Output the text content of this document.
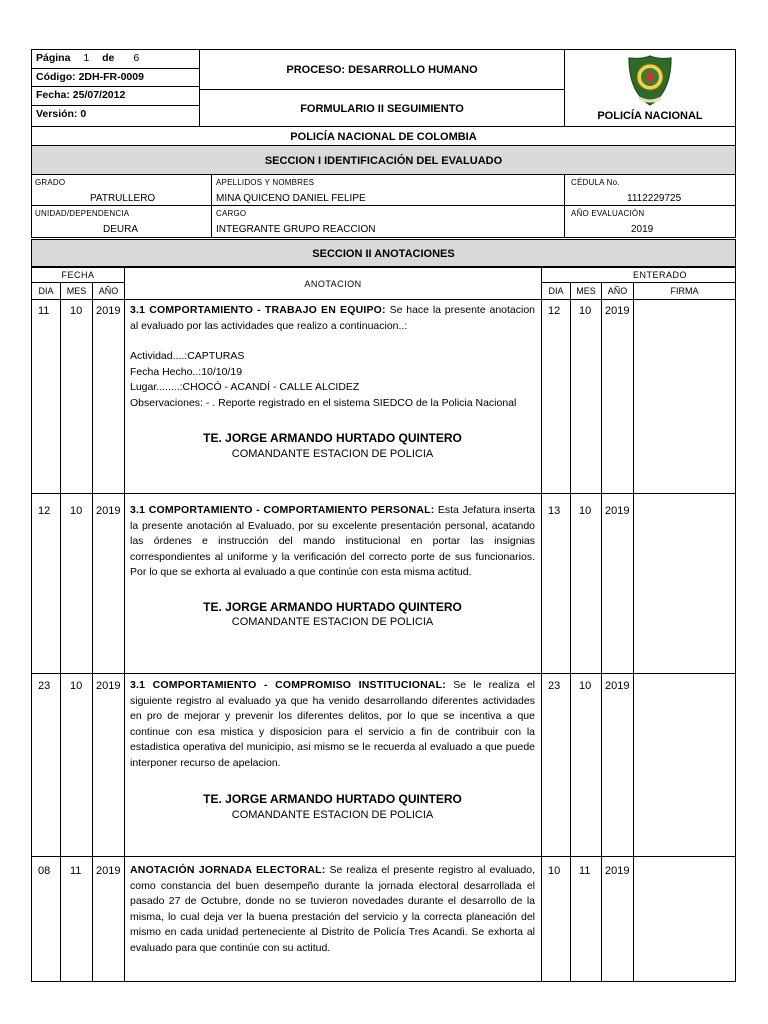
Página 1 de 6
Código: 2DH-FR-0009
Fecha: 25/07/2012
Versión: 0
PROCESO: DESARROLLO HUMANO
FORMULARIO II SEGUIMIENTO
POLICÍA NACIONAL
POLICÍA NACIONAL DE COLOMBIA
SECCION I IDENTIFICACIÓN DEL EVALUADO
GRADO
PATRULLERO
APELLIDOS Y NOMBRES
MINA QUICENO DANIEL FELIPE
CÉDULA No.
1112229725
UNIDAD/DEPENDENCIA
DEURA
CARGO
INTEGRANTE GRUPO REACCION
AÑO EVALUACIÓN
2019
SECCION II ANOTACIONES
FECHA
ANOTACION
ENTERADO
DIA	MES	AÑO	DIA	MES	AÑO	FIRMA
11 10 2019 3.1 COMPORTAMIENTO - TRABAJO EN EQUIPO: Se hace la presente anotacion al evaluado por las actividades que realizo a continuacion..:
Actividad....:CAPTURAS
Fecha Hecho..:10/10/19
Lugar........:CHOCÓ - ACANDÍ - CALLE ALCIDEZ
Observaciones: - . Reporte registrado en el sistema SIEDCO de la Policia Nacional
TE. JORGE ARMANDO HURTADO QUINTERO
COMANDANTE ESTACION DE POLICIA
12 10 2019
12 10 2019 3.1 COMPORTAMIENTO - COMPORTAMIENTO PERSONAL: Esta Jefatura inserta la presente anotación al Evaluado, por su excelente presentación personal, acatando las órdenes e instrucción del mando institucional en portar las insignias correspondientes al uniforme y la verificación del correcto porte de sus funcionarios. Por lo que se exhorta al evaluado a que continúe con esta misma actitud.
TE. JORGE ARMANDO HURTADO QUINTERO
COMANDANTE ESTACION DE POLICIA
13 10 2019
23 10 2019 3.1 COMPORTAMIENTO - COMPROMISO INSTITUCIONAL: Se le realiza el siguiente registro al evaluado ya que ha venido desarrollando diferentes actividades en pro de mejorar y prevenir los diferentes delitos, por lo que se incentiva a que continue con esa mistica y disposicion para el servicio a fin de contribuir con la estadistica operativa del municipio, asi mismo se le recuerda al evaluado a que puede interponer recurso de apelacion.
TE. JORGE ARMANDO HURTADO QUINTERO
COMANDANTE ESTACION DE POLICIA
23 10 2019
08 11 2019 ANOTACIÓN JORNADA ELECTORAL: Se realiza el presente registro al evaluado, como constancia del buen desempeño durante la jornada electoral desarrollada el pasado 27 de Octubre, donde no se tuvieron novedades durante el desarrollo de la misma, lo cual deja ver la buena prestación del servicio y la correcta planeación del mismo en cada unidad perteneciente al Distrito de Policía Tres Acandi. Se exhorta al evaluado para que continúe con su actitud.
10 11 2019
